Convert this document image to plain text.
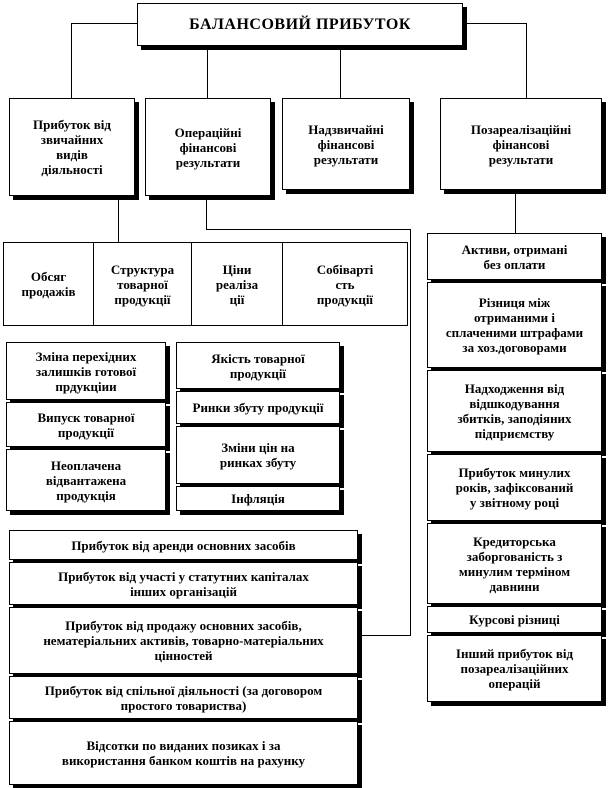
БАЛАНСОВИЙ ПРИБУТОК
Прибуток від
звичайних
видів
діяльності
Операційні
фінансові
результати
Надзвичайні
фінансові
результати
Позареалізаційні
фінансові
результати
Обсяг
продажів
Структура
товарної
продукції
Ціни
реаліза
ції
Собіварті
сть
продукції
Зміна перехідних
залишків готової
прдукціии
Випуск товарної
продукції
Неоплачена
відвантажена
продукція
Якість товарної
продукції
Ринки збуту продукції
Зміни цін на
ринках збуту
Інфляція
Прибуток від аренди основних засобів
Прибуток від участі у статутних капіталах
інших організацій
Прибуток від продажу основних засобів,
нематеріальних активів, товарно-матеріальних
цінностей
Прибуток від спільної діяльності (за договором
простого товариства)
Відсотки по виданих позиках і за
використання банком коштів на рахунку
Активи, отримані
без оплати
Різниця між
отриманими і
сплаченими штрафами
за хоз.договорами
Надходження від
відшкодування
збитків, заподіяних
підприємству
Прибуток минулих
років, зафіксований
у звітному році
Кредиторська
заборгованість з
минулим терміном
давнини
Курсові різниці
Інший прибуток від
позареалізаційних
операцій
